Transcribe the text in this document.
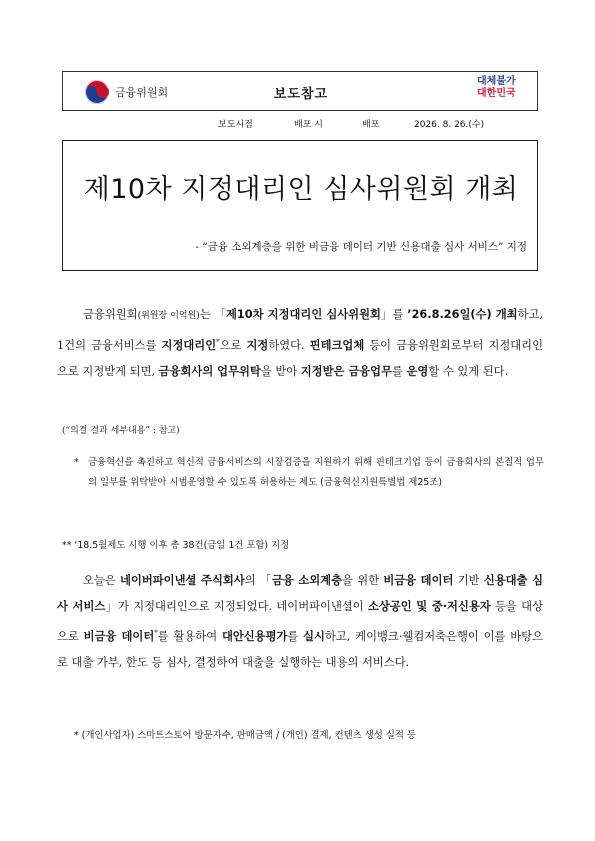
금융위원회	보도참고
대체불가
대한민국
보도시점	배포 시	배포	2026. 8. 26.(수)
제10차 지정대리인 심사위원회 개최
- “금융 소외계층을 위한 비금융 데이터 기반 신용대출 심사 서비스” 지정
금융위원회(위원장 이억원)는 「제10차 지정대리인 심사위원회」를 ’26.8.26일(수) 개최하고, 1건의 금융서비스를 지정대리인*으로 지정하였다. 핀테크업체 등이 금융위원회로부터 지정대리인으로 지정받게 되면, 금융회사의 업무위탁을 받아 지정받은 금융업무를 운영할 수 있게 된다.
(“의결 결과 세부내용” : 참고)
* 금융혁신을 촉진하고 혁신적 금융서비스의 시장검증을 지원하기 위해 핀테크기업 등이 금융회사의 본질적 업무의 일부를 위탁받아 시범운영할 수 있도록 허용하는 제도 (금융혁신지원특별법 제25조)
** ‘18.5월제도 시행 이후 총 38건(금일 1건 포함) 지정
오늘은 네이버파이낸셜 주식회사의 「금융 소외계층을 위한 비금융 데이터 기반 신용대출 심사 서비스」가 지정대리인으로 지정되었다. 네이버파이낸셜이 소상공인 및 중·저신용자 등을 대상으로 비금융 데이터*를 활용하여 대안신용평가를 실시하고, 케이뱅크·웰컴저축은행이 이를 바탕으로 대출 가부, 한도 등 심사, 결정하여 대출을 실행하는 내용의 서비스다.
* (개인사업자) 스마트스토어 방문자수, 판매금액 / (개인) 결제, 컨텐츠 생성 실적 등
